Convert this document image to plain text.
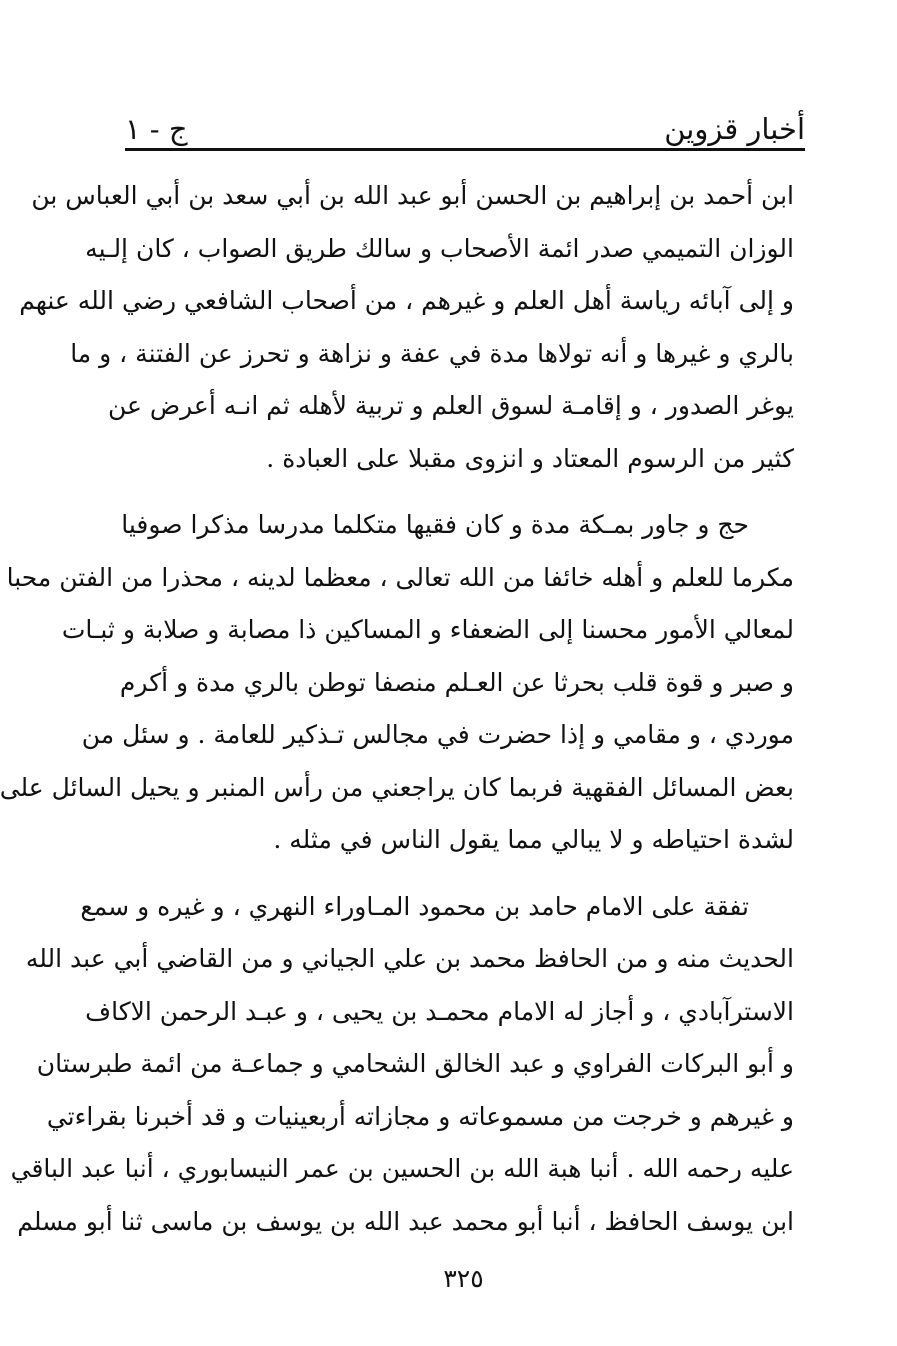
أخبار قزوين
ج - ١
ابن أحمد بن إبراهيم بن الحسن أبو عبد الله بن أبي سعد بن أبي العباس بن
الوزان التميمي صدر ائمة الأصحاب و سالك طريق الصواب ، كان إلـيه
و إلى آبائه رياسة أهل العلم و غيرهم ، من أصحاب الشافعي رضي الله عنهم
بالري و غيرها و أنه تولاها مدة في عفة و نزاهة و تحرز عن الفتنة ، و ما
يوغر الصدور ، و إقامـة لسوق العلم و تربية لأهله ثم انـه أعرض عن
كثير من الرسوم المعتاد و انزوى مقبلا على العبادة .
حج و جاور بمـكة مدة و كان فقيها متكلما مدرسا مذكرا صوفيا
مكرما للعلم و أهله خائفا من الله تعالى ، معظما لدينه ، محذرا من الفتن محبا
لمعالي الأمور محسنا إلى الضعفاء و المساكين ذا مصابة و صلابة و ثبـات
و صبر و قوة قلب بحرثا عن العـلم منصفا توطن بالري مدة و أكرم
موردي ، و مقامي و إذا حضرت في مجالس تـذكير للعامة . و سئل من
بعض المسائل الفقهية فربما كان يراجعني من رأس المنبر و يحيل السائل على
لشدة احتياطه و لا يبالي مما يقول الناس في مثله .
تفقة على الامام حامد بن محمود المـاوراء النهري ، و غيره و سمع
الحديث منه و من الحافظ محمد بن علي الجياني و من القاضي أبي عبد الله
الاسترآبادي ، و أجاز له الامام محمـد بن يحيى ، و عبـد الرحمن الاكاف
و أبو البركات الفراوي و عبد الخالق الشحامي و جماعـة من ائمة طبرستان
و غيرهم و خرجت من مسموعاته و مجازاته أربعينيات و قد أخبرنا بقراءتي
عليه رحمه الله . أنبا هبة الله بن الحسين بن عمر النيسابوري ، أنبا عبد الباقي
ابن يوسف الحافظ ، أنبا أبو محمد عبد الله بن يوسف بن ماسى ثنا أبو مسلم
٣٢٥
